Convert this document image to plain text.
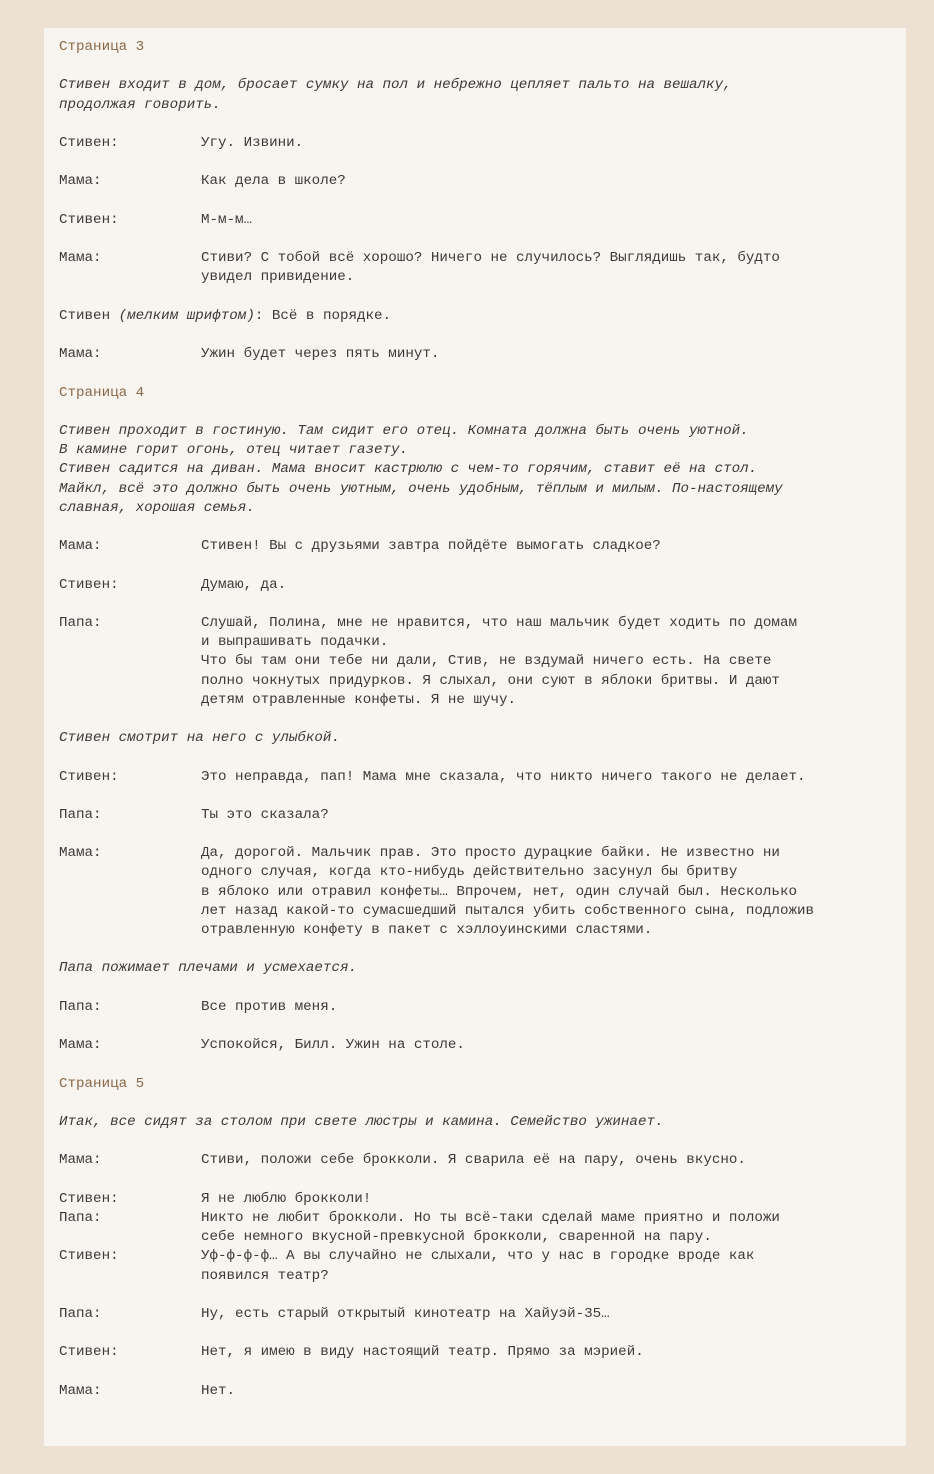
Страница 3
Стивен входит в дом, бросает сумку на пол и небрежно цепляет пальто на вешалку,
продолжая говорить.
Стивен:	Угу. Извини.
Мама:	Как дела в школе?
Стивен:	М-м-м…
Мама:	Стиви? С тобой всё хорошо? Ничего не случилось? Выглядишь так, будто
увидел привидение.
Стивен (мелким шрифтом): Всё в порядке.
Мама:	Ужин будет через пять минут.
Страница 4
Стивен проходит в гостиную. Там сидит его отец. Комната должна быть очень уютной.
В камине горит огонь, отец читает газету.
Стивен садится на диван. Мама вносит кастрюлю с чем-то горячим, ставит её на стол.
Майкл, всё это должно быть очень уютным, очень удобным, тёплым и милым. По-настоящему
славная, хорошая семья.
Мама:	Стивен! Вы с друзьями завтра пойдёте вымогать сладкое?
Стивен:	Думаю, да.
Папа:	Слушай, Полина, мне не нравится, что наш мальчик будет ходить по домам
и выпрашивать подачки.
Что бы там они тебе ни дали, Стив, не вздумай ничего есть. На свете
полно чокнутых придурков. Я слыхал, они суют в яблоки бритвы. И дают
детям отравленные конфеты. Я не шучу.
Стивен смотрит на него с улыбкой.
Стивен:	Это неправда, пап! Мама мне сказала, что никто ничего такого не делает.
Папа:	Ты это сказала?
Мама:	Да, дорогой. Мальчик прав. Это просто дурацкие байки. Не известно ни
одного случая, когда кто-нибудь действительно засунул бы бритву
в яблоко или отравил конфеты… Впрочем, нет, один случай был. Несколько
лет назад какой-то сумасшедший пытался убить собственного сына, подложив
отравленную конфету в пакет с хэллоуинскими сластями.
Папа пожимает плечами и усмехается.
Папа:	Все против меня.
Мама:	Успокойся, Билл. Ужин на столе.
Страница 5
Итак, все сидят за столом при свете люстры и камина. Семейство ужинает.
Мама:	Стиви, положи себе брокколи. Я сварила её на пару, очень вкусно.
Стивен:	Я не люблю брокколи!
Папа:	Никто не любит брокколи. Но ты всё-таки сделай маме приятно и положи
себе немного вкусной-превкусной брокколи, сваренной на пару.
Стивен:	Уф-ф-ф-ф… А вы случайно не слыхали, что у нас в городке вроде как
появился театр?
Папа:	Ну, есть старый открытый кинотеатр на Хайуэй-35…
Стивен:	Нет, я имею в виду настоящий театр. Прямо за мэрией.
Мама:	Нет.
